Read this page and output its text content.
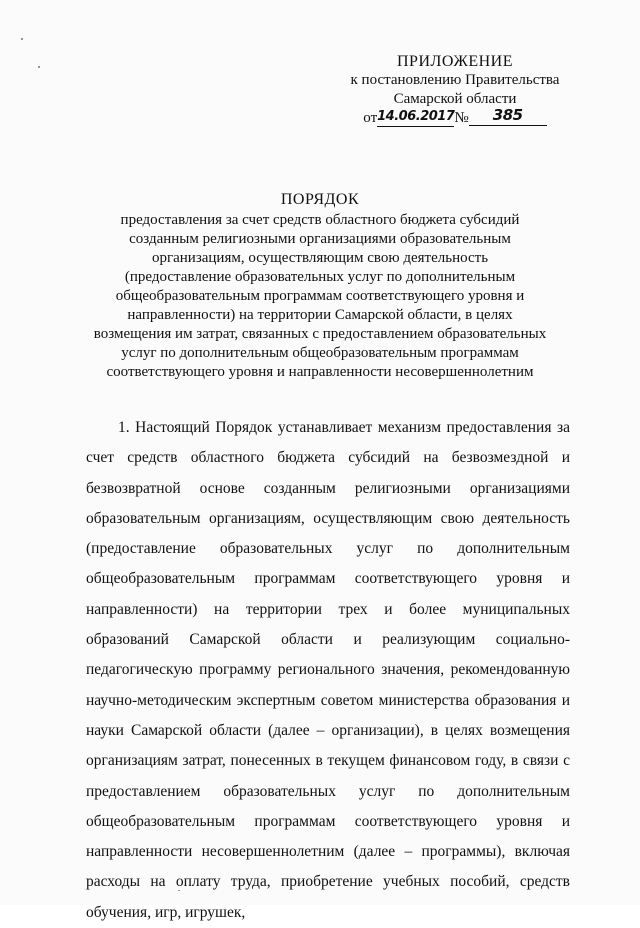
ПРИЛОЖЕНИЕ
к постановлению Правительства
Самарской области
от14.06.2017№ 385
ПОРЯДОК
предоставления за счет средств областного бюджета субсидий
созданным религиозными организациями образовательным
организациям, осуществляющим свою деятельность
(предоставление образовательных услуг по дополнительным
общеобразовательным программам соответствующего уровня и
направленности) на территории Самарской области, в целях
возмещения им затрат, связанных с предоставлением образовательных
услуг по дополнительным общеобразовательным программам
соответствующего уровня и направленности несовершеннолетним
1. Настоящий Порядок устанавливает механизм предоставления за счет средств областного бюджета субсидий на безвозмездной и безвозвратной основе созданным религиозными организациями образовательным организациям, осуществляющим свою деятельность (предоставление образовательных услуг по дополнительным общеобразовательным программам соответствующего уровня и направленности) на территории трех и более муниципальных образований Самарской области и реализующим социально-педагогическую программу регионального значения, рекомендованную научно-методическим экспертным советом министерства образования и науки Самарской области (далее – организации), в целях возмещения организациям затрат, понесенных в текущем финансовом году, в связи с предоставлением образовательных услуг по дополнительным общеобразовательным программам соответствующего уровня и направленности несовершеннолетним (далее – программы), включая расходы на оплату труда, приобретение учебных пособий, средств обучения, игр, игрушек,
